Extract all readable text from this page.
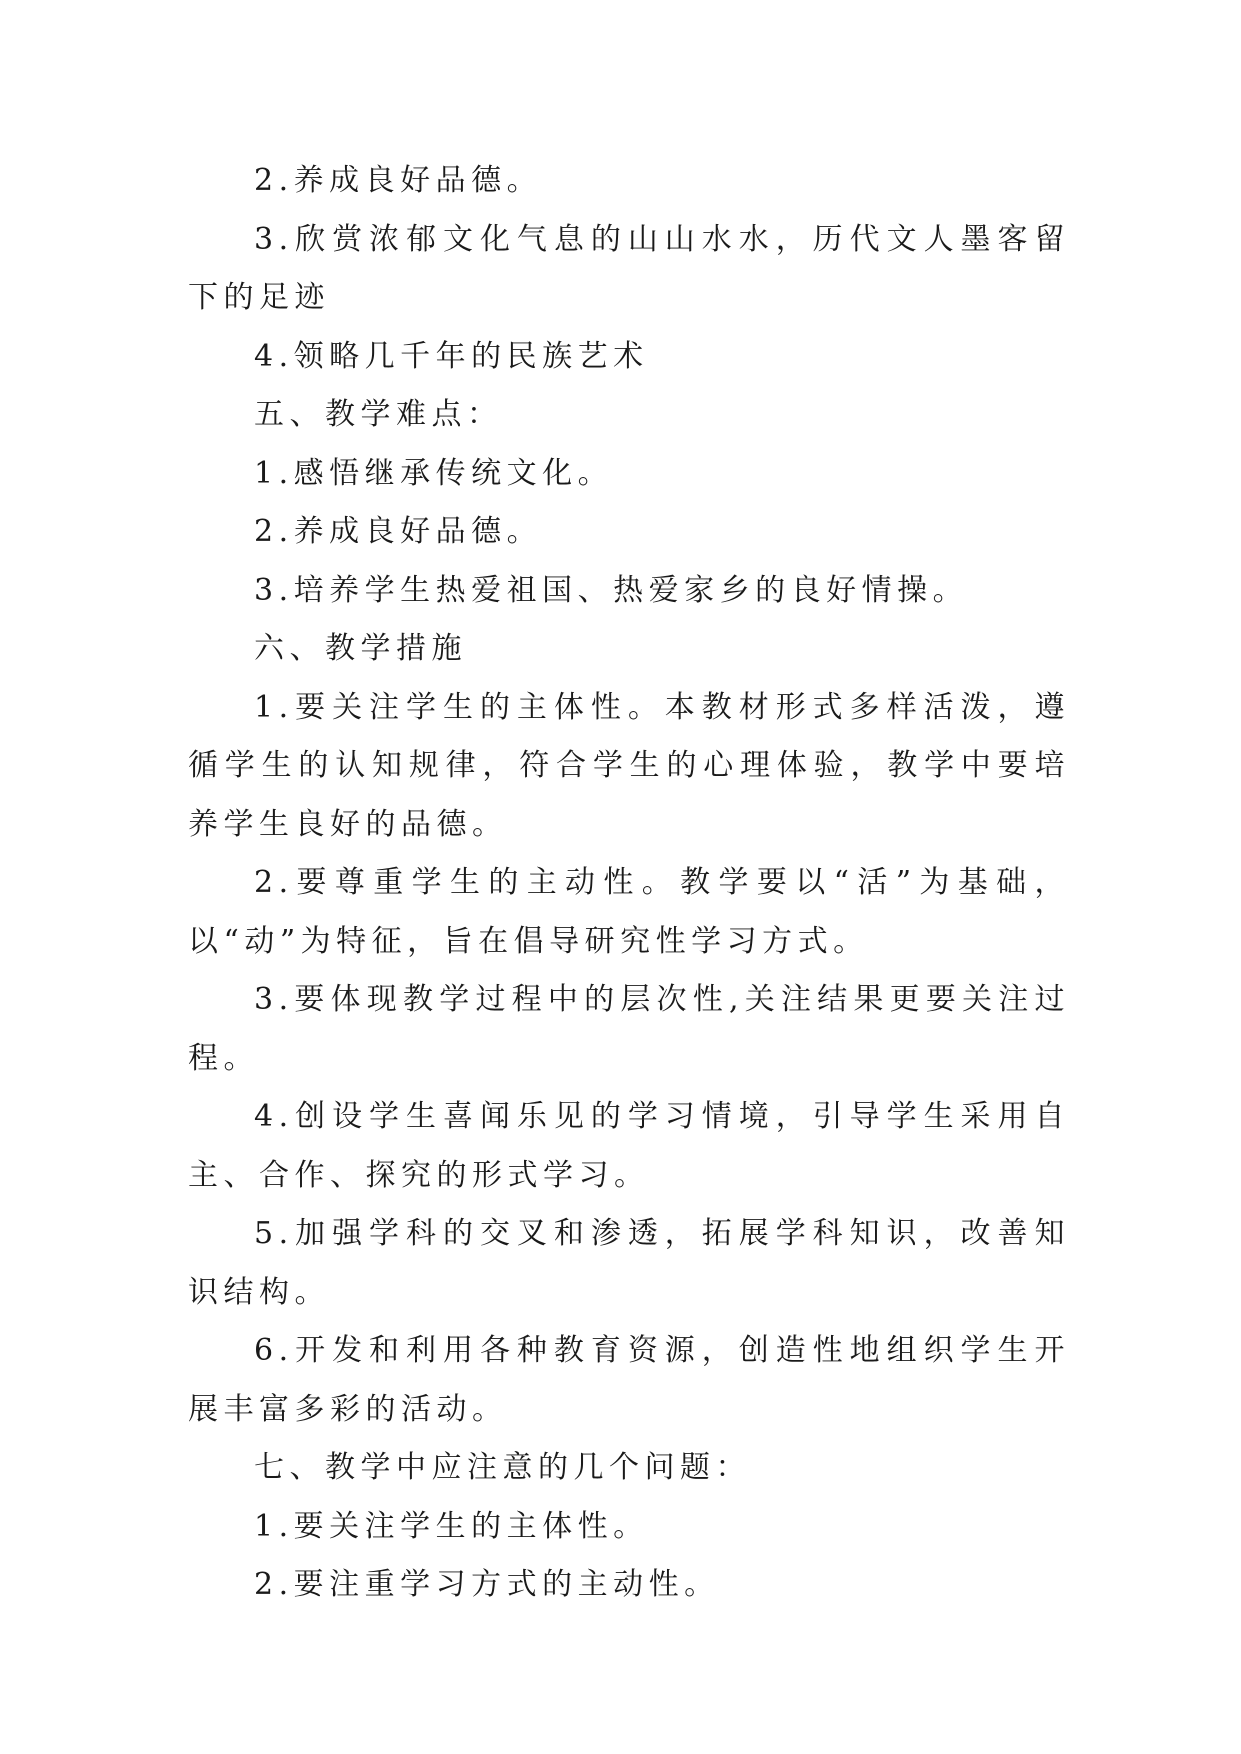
2.养成良好品德。

3.欣赏浓郁文化气息的山山水水，历代文人墨客留下的足迹

4.领略几千年的民族艺术

五、教学难点：

1.感悟继承传统文化。

2.养成良好品德。

3.培养学生热爱祖国、热爱家乡的良好情操。

六、教学措施

1.要关注学生的主体性。本教材形式多样活泼，遵循学生的认知规律，符合学生的心理体验，教学中要培养学生良好的品德。

2.要尊重学生的主动性。教学要以“活”为基础，以“动”为特征，旨在倡导研究性学习方式。

3.要体现教学过程中的层次性,关注结果更要关注过程。

4.创设学生喜闻乐见的学习情境，引导学生采用自主、合作、探究的形式学习。

5.加强学科的交叉和渗透，拓展学科知识，改善知识结构。

6.开发和利用各种教育资源，创造性地组织学生开展丰富多彩的活动。

七、教学中应注意的几个问题：

1.要关注学生的主体性。

2.要注重学习方式的主动性。
